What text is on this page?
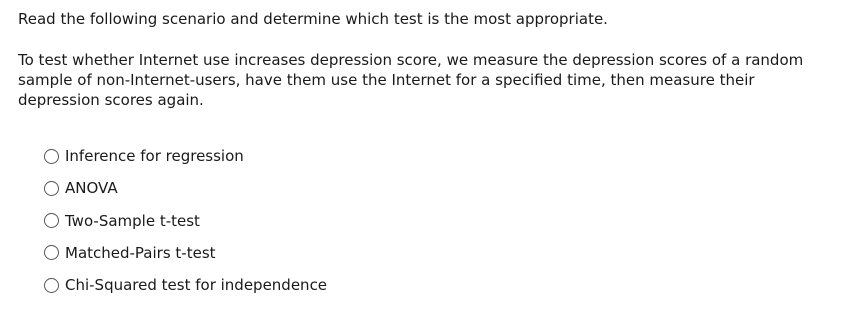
Read the following scenario and determine which test is the most appropriate.

To test whether Internet use increases depression score, we measure the depression scores of a random sample of non-Internet-users, have them use the Internet for a specified time, then measure their depression scores again.

Inference for regression
ANOVA
Two-Sample t-test
Matched-Pairs t-test
Chi-Squared test for independence
